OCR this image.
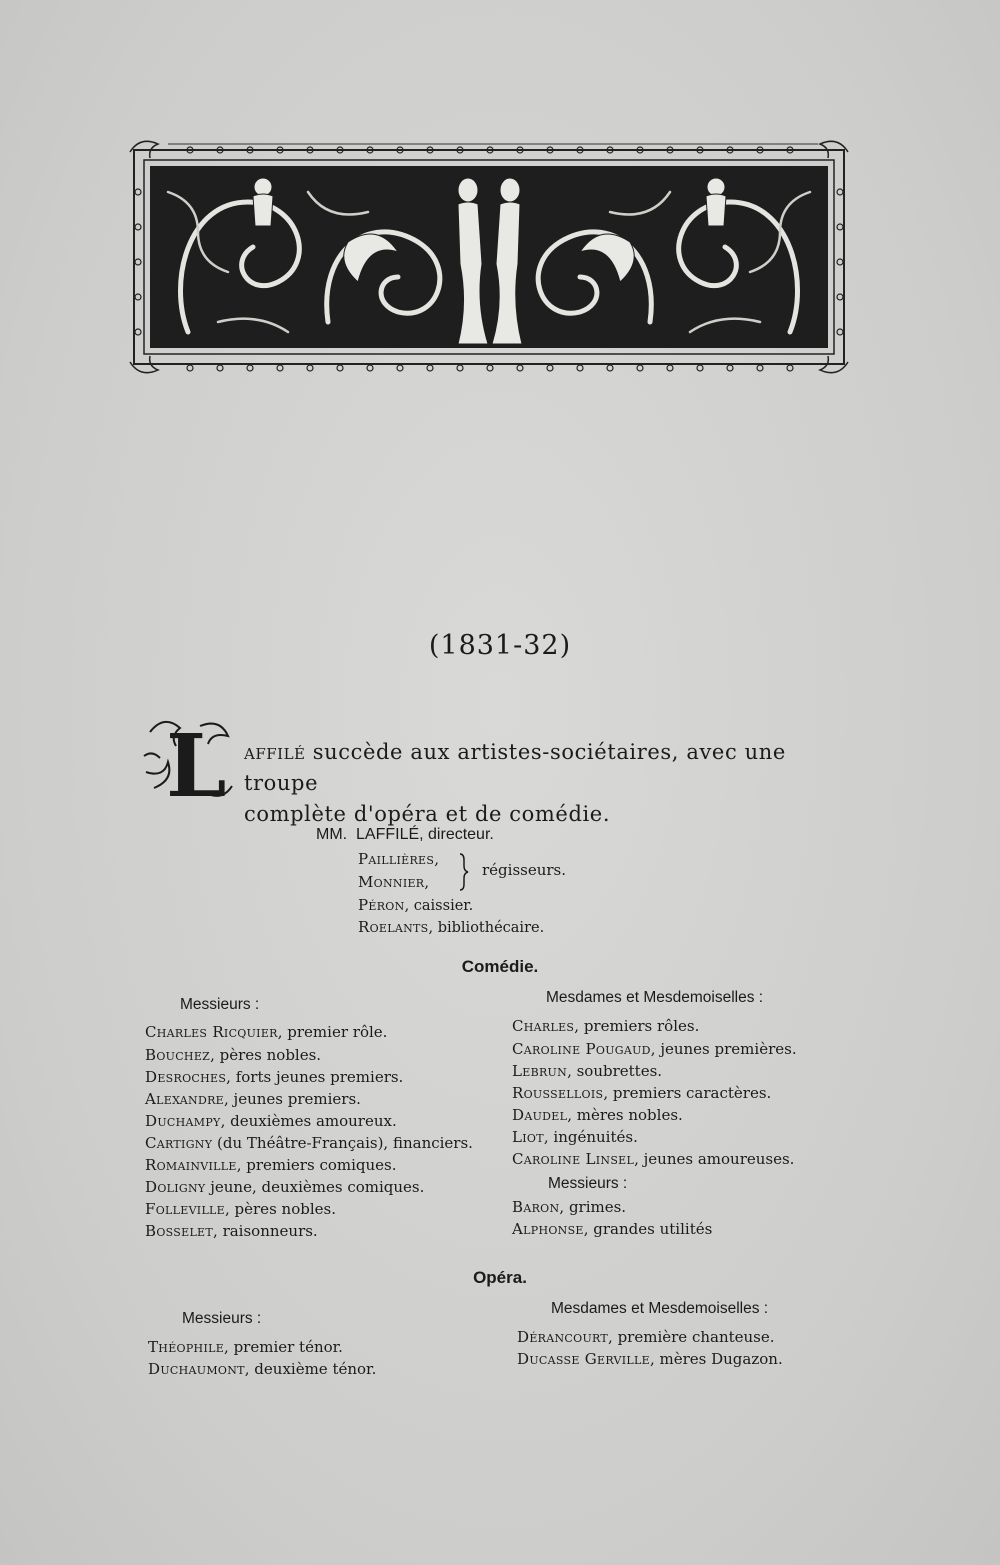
(1831-32)
L affilé succède aux artistes-sociétaires, avec une troupe
complète d'opéra et de comédie.
MM. LAFFILÉ, directeur.
Paillières,
Monnier,
régisseurs.
Péron, caissier.
Roelants, bibliothécaire.
Comédie.
Messieurs :
Charles Ricquier, premier rôle.
Bouchez, pères nobles.
Desroches, forts jeunes premiers.
Alexandre, jeunes premiers.
Duchampy, deuxièmes amoureux.
Cartigny (du Théâtre-Français), financiers.
Romainville, premiers comiques.
Doligny jeune, deuxièmes comiques.
Folleville, pères nobles.
Bosselet, raisonneurs.
Mesdames et Mesdemoiselles :
Charles, premiers rôles.
Caroline Pougaud, jeunes premières.
Lebrun, soubrettes.
Roussellois, premiers caractères.
Daudel, mères nobles.
Liot, ingénuités.
Caroline Linsel, jeunes amoureuses.
Messieurs :
Baron, grimes.
Alphonse, grandes utilités
Opéra.
Messieurs :
Théophile, premier ténor.
Duchaumont, deuxième ténor.
Mesdames et Mesdemoiselles :
Dérancourt, première chanteuse.
Ducasse Gerville, mères Dugazon.
